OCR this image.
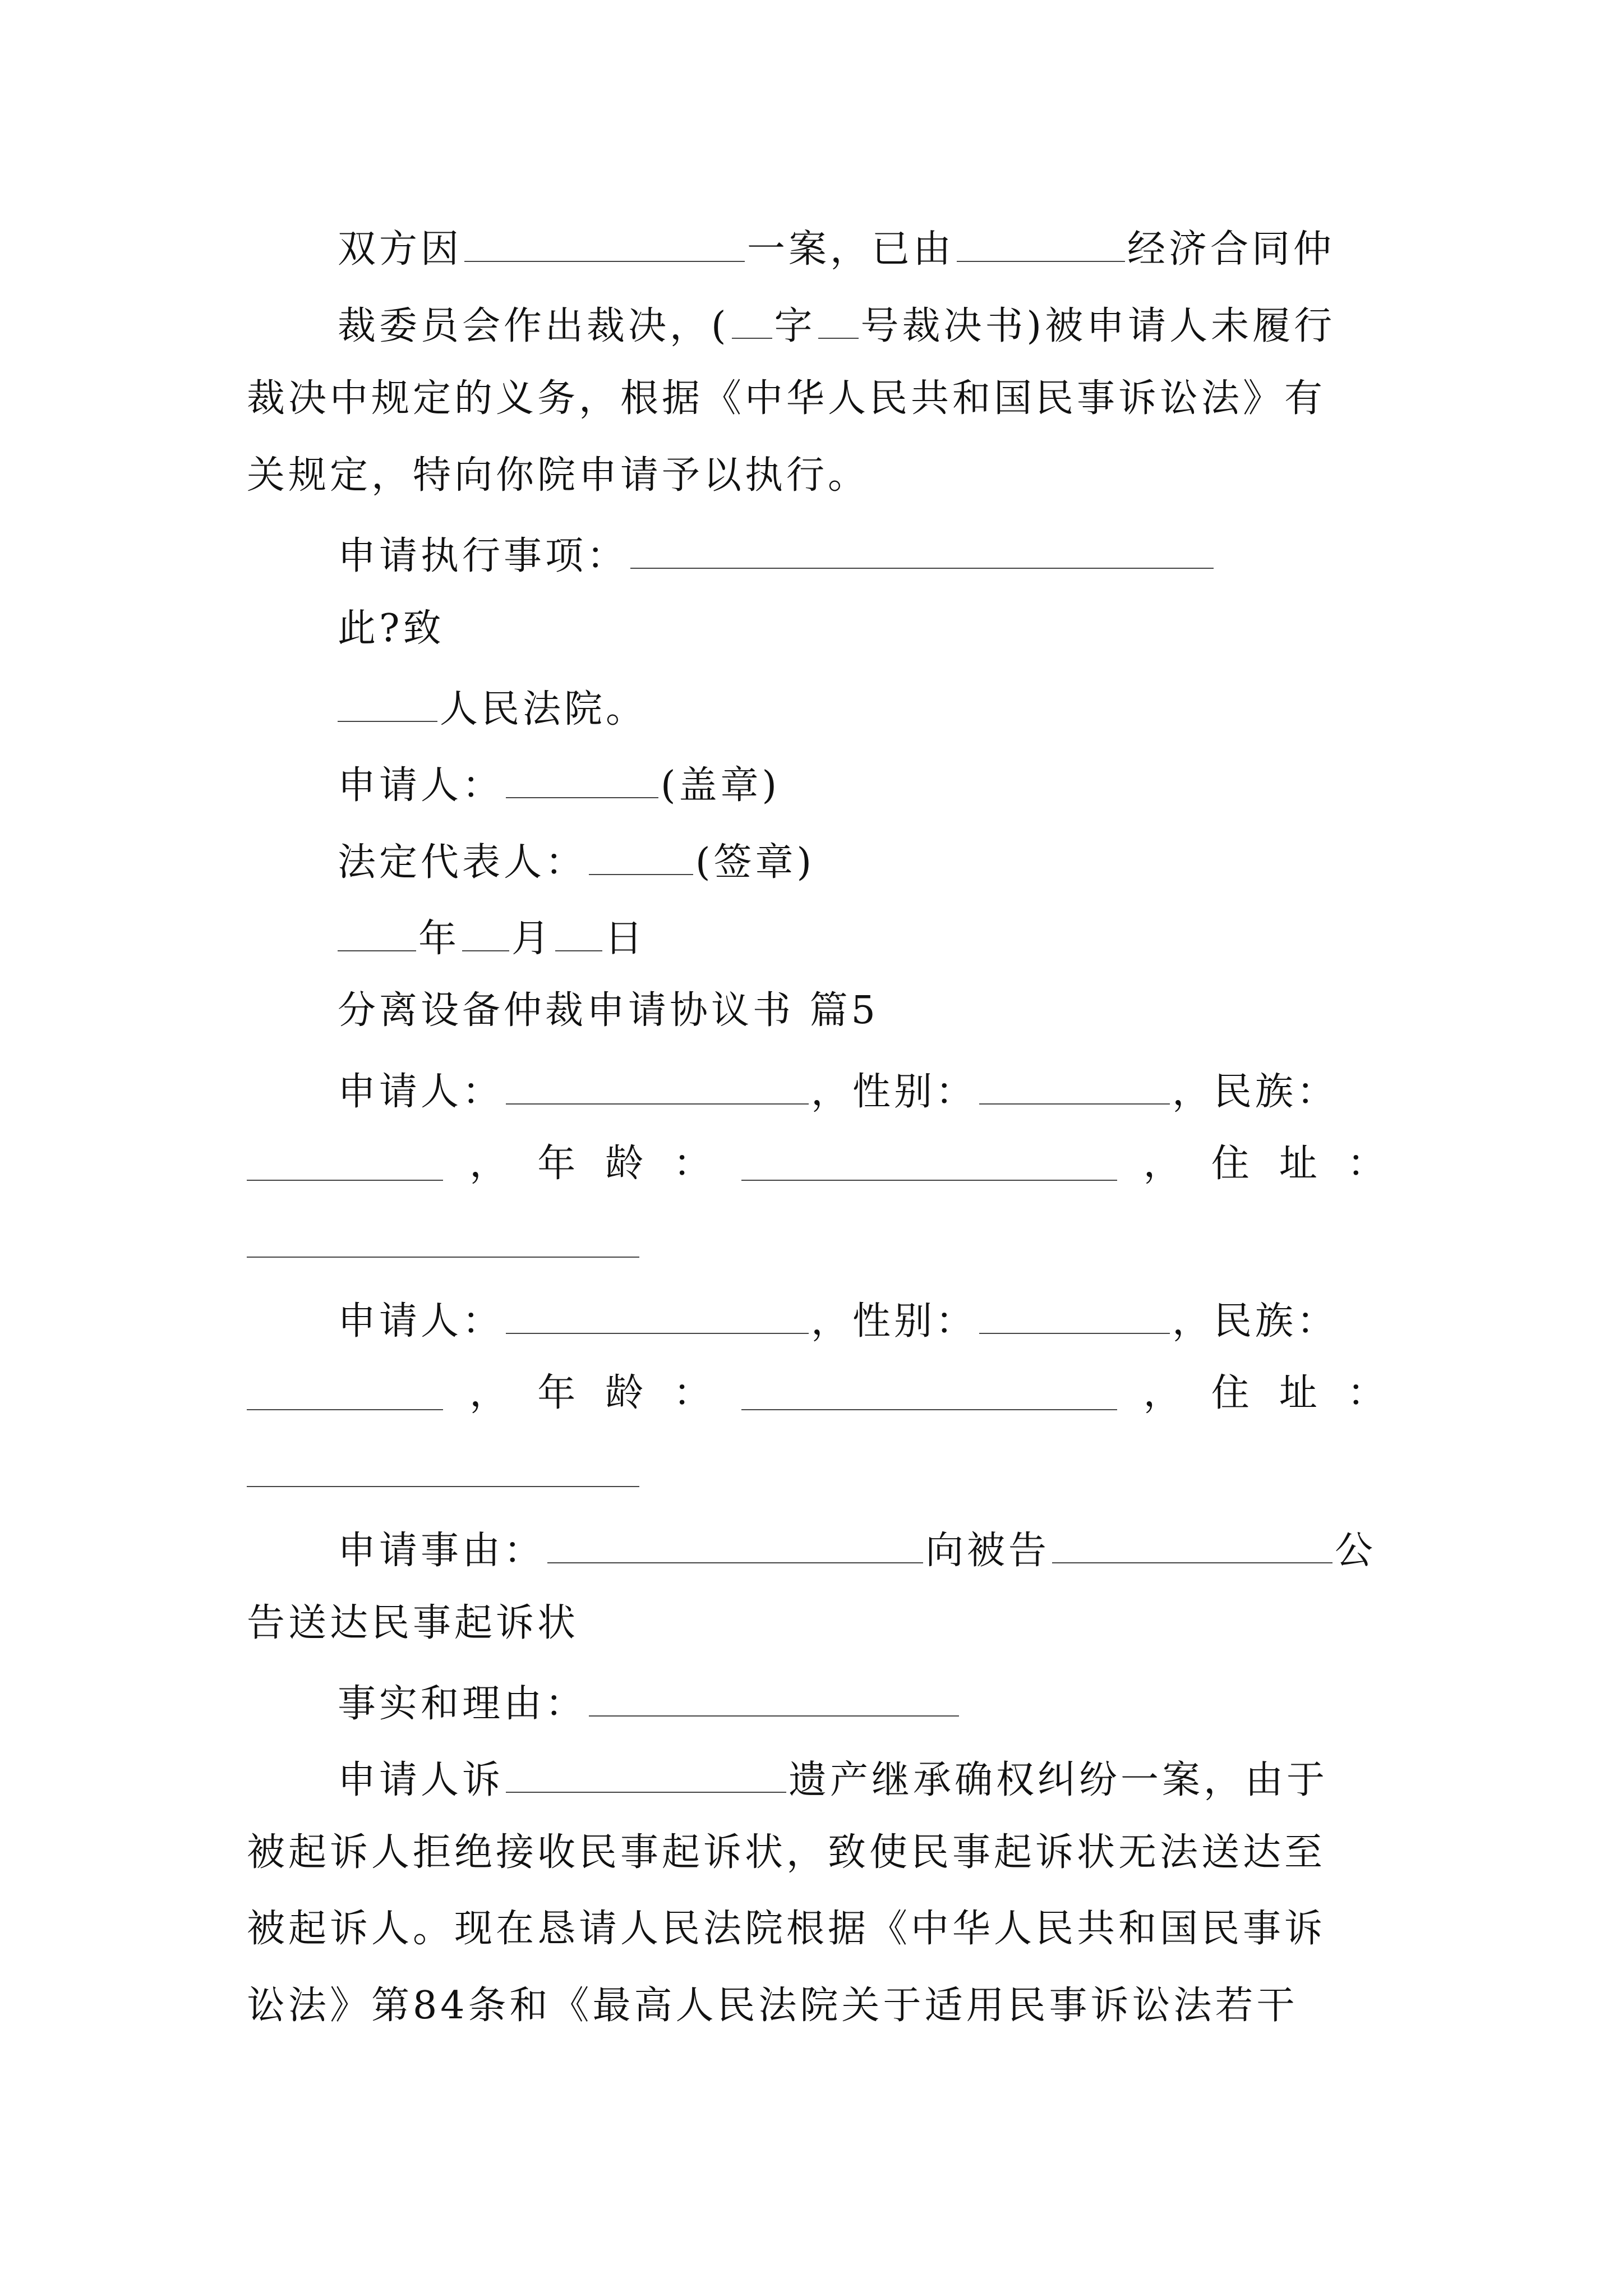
双方因	一案，已由	经济合同仲
裁委员会作出裁决，( 字 号裁决书)被申请人未履行
裁决中规定的义务，根据《中华人民共和国民事诉讼法》有
关规定，特向你院申请予以执行。
申请执行事项：
此?致
人民法院。
申请人：	(盖章)
法定代表人：	(签章)
年 月 日
分离设备仲裁申请协议书 篇5
申请人：	，性别：	，民族：
， 年 龄 ：	， 住 址 ：
申请人：	，性别：	，民族：
， 年 龄 ：	， 住 址 ：
申请事由：	向被告	公
告送达民事起诉状
事实和理由：
申请人诉	遗产继承确权纠纷一案，由于
被起诉人拒绝接收民事起诉状，致使民事起诉状无法送达至
被起诉人。现在恳请人民法院根据《中华人民共和国民事诉
讼法》第84条和《最高人民法院关于适用民事诉讼法若干
